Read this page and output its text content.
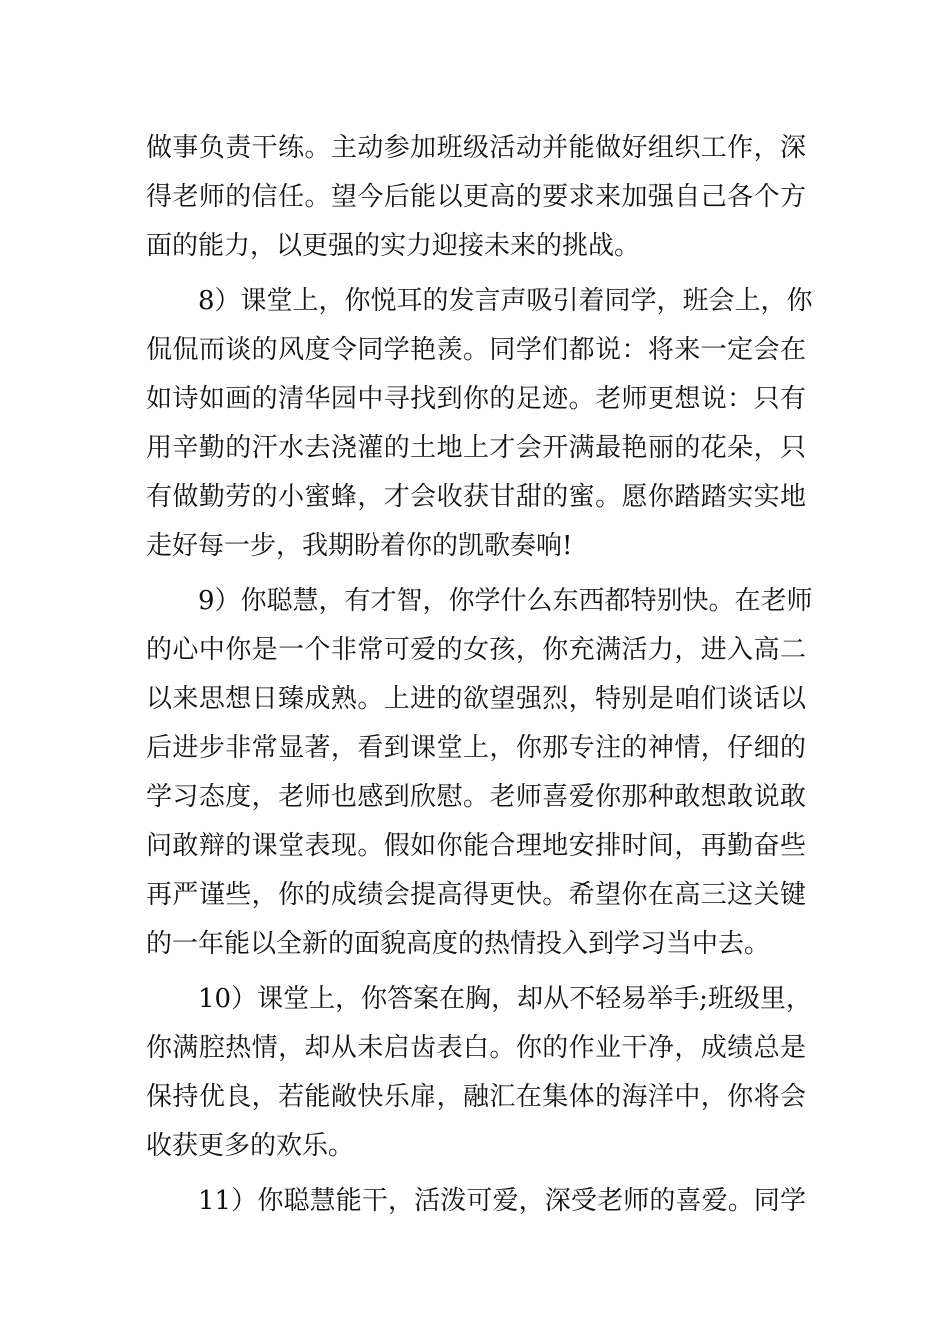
做事负责干练。主动参加班级活动并能做好组织工作，深
得老师的信任。望今后能以更高的要求来加强自己各个方
面的能力，以更强的实力迎接未来的挑战。
8）课堂上，你悦耳的发言声吸引着同学，班会上，你
侃侃而谈的风度令同学艳羡。同学们都说：将来一定会在
如诗如画的清华园中寻找到你的足迹。老师更想说：只有
用辛勤的汗水去浇灌的土地上才会开满最艳丽的花朵，只
有做勤劳的小蜜蜂，才会收获甘甜的蜜。愿你踏踏实实地
走好每一步，我期盼着你的凯歌奏响!
9）你聪慧，有才智，你学什么东西都特别快。在老师
的心中你是一个非常可爱的女孩，你充满活力，进入高二
以来思想日臻成熟。上进的欲望强烈，特别是咱们谈话以
后进步非常显著，看到课堂上，你那专注的神情，仔细的
学习态度，老师也感到欣慰。老师喜爱你那种敢想敢说敢
问敢辩的课堂表现。假如你能合理地安排时间，再勤奋些
再严谨些，你的成绩会提高得更快。希望你在高三这关键
的一年能以全新的面貌高度的热情投入到学习当中去。
10）课堂上，你答案在胸，却从不轻易举手;班级里，
你满腔热情，却从未启齿表白。你的作业干净，成绩总是
保持优良，若能敞快乐扉，融汇在集体的海洋中，你将会
收获更多的欢乐。
11）你聪慧能干，活泼可爱，深受老师的喜爱。同学
